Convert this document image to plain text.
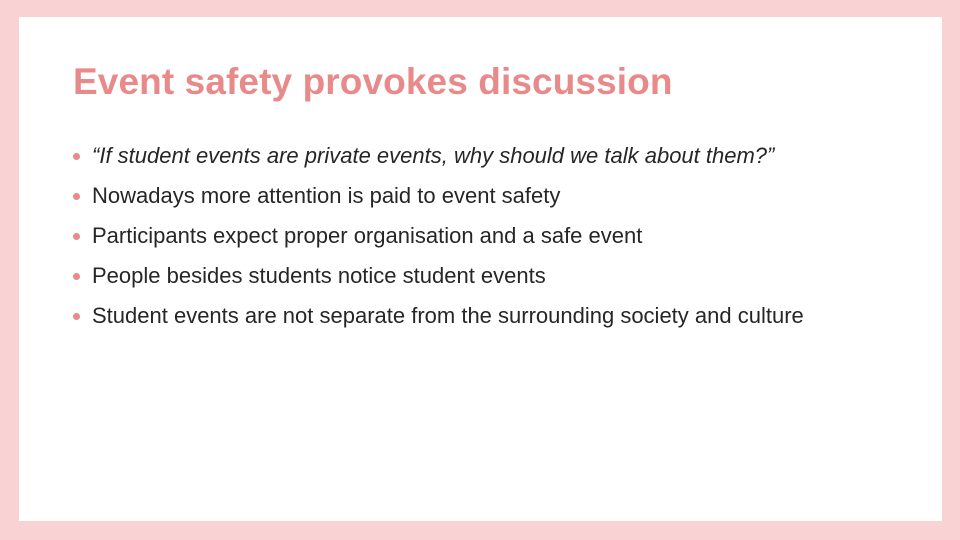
Event safety provokes discussion
“If student events are private events, why should we talk about them?”
Nowadays more attention is paid to event safety
Participants expect proper organisation and a safe event
People besides students notice student events
Student events are not separate from the surrounding society and culture
